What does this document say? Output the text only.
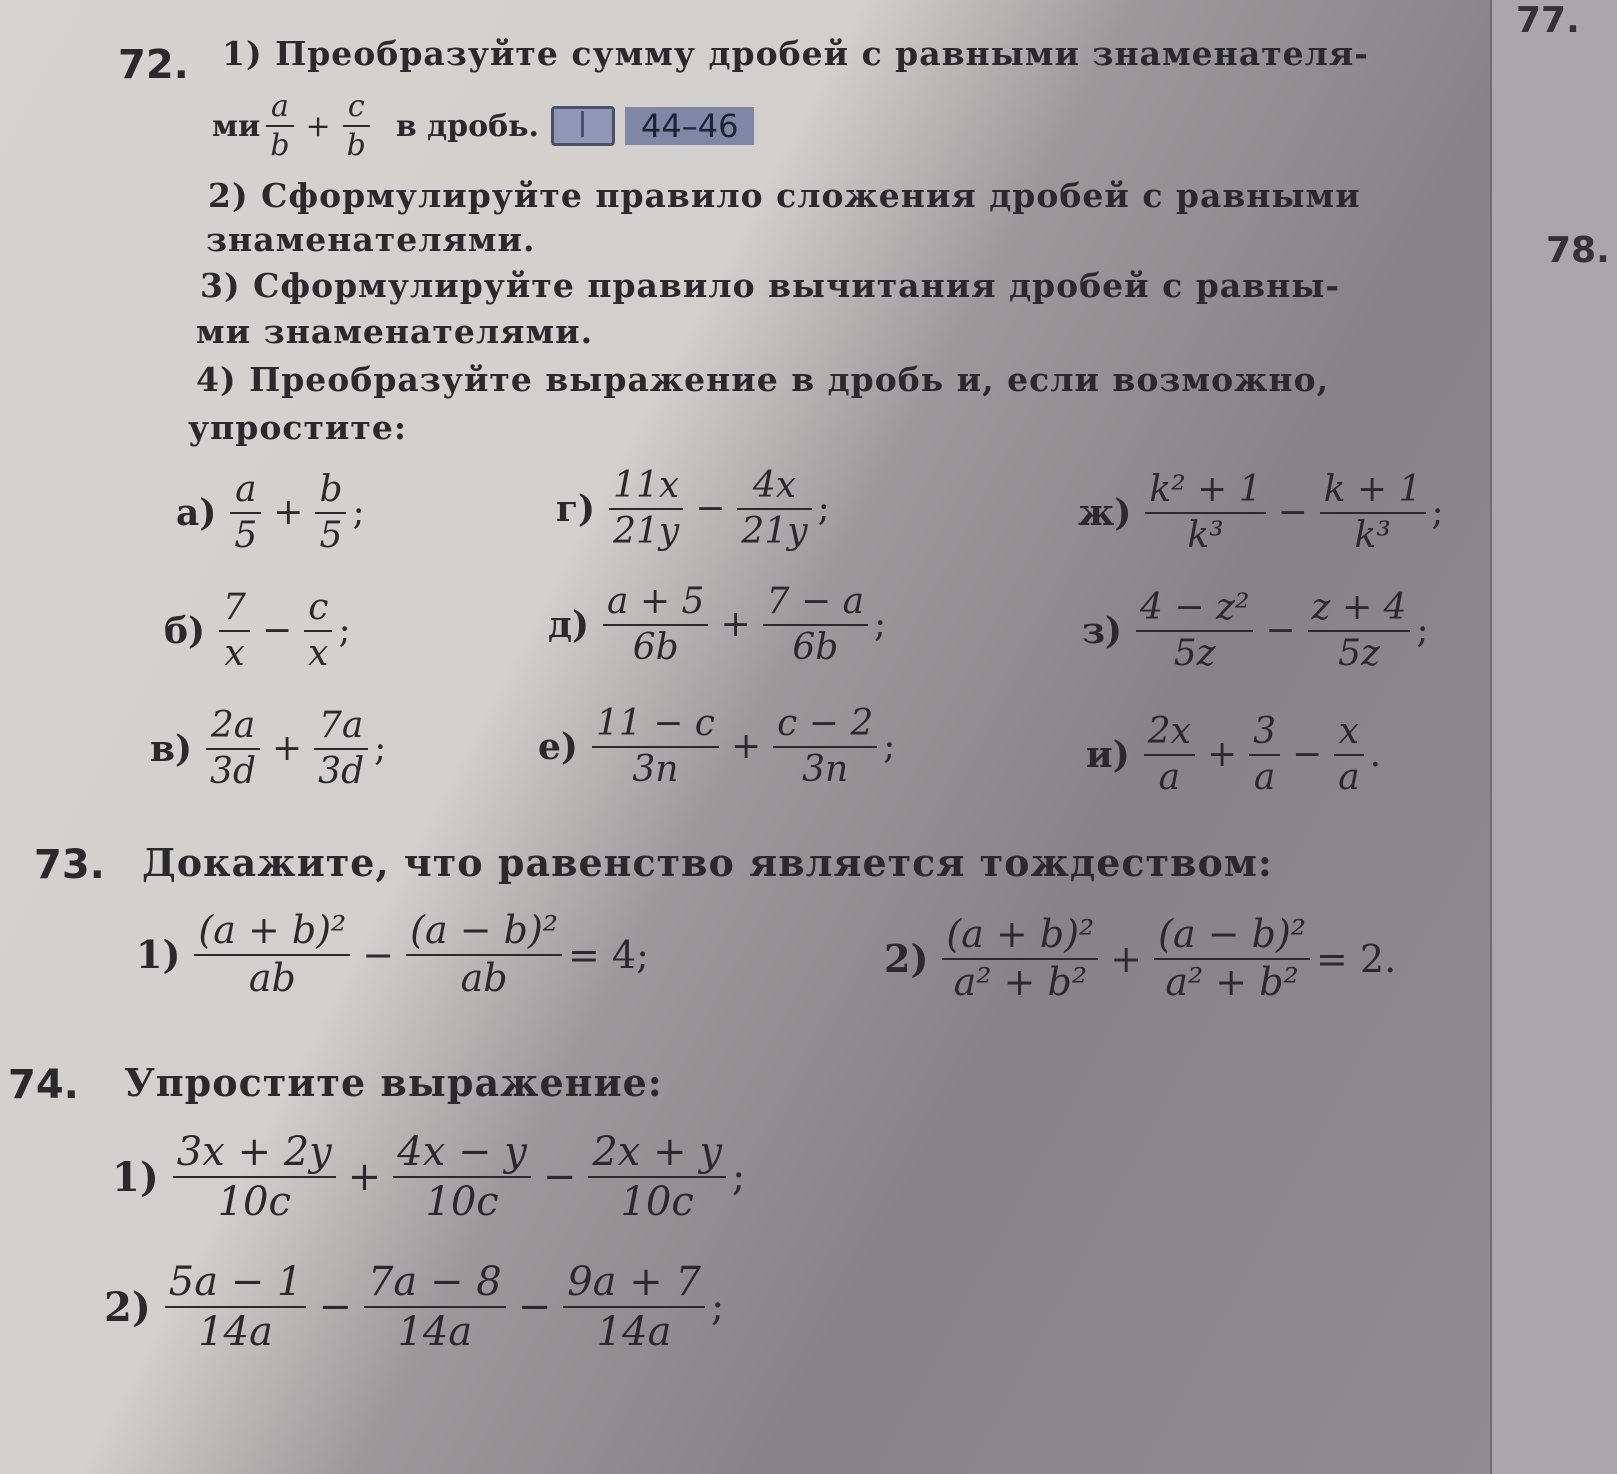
72. 1) Преобразуйте сумму дробей с равными знаменателя-
ми $\frac{a}{b} + \frac{c}{b}$ в дробь.	44–46
2) Сформулируйте правило сложения дробей с равными
знаменателями.
3) Сформулируйте правило вычитания дробей с равны-
ми знаменателями.
4) Преобразуйте выражение в дробь и, если возможно,
упростите:
$а) \frac{a}{5} + \frac{b}{5}$ ;	$г) \frac{11x}{21y} - \frac{4x}{21y}$ ;	$ж) \frac{\text{k² + 1}}{\text{k³}} - \frac{k + 1}{\text{k³}}$ ;
$б) \frac{7}{x} - \frac{c}{x}$ ;	$д) \frac{a + 5}{6b} + \frac{7 - a}{6b}$ ;	$з) \frac{\text{4 − z²}}{5z} - \frac{z + 4}{5z}$ ;
$в) \frac{2a}{3d} + \frac{7a}{3d}$ ;	$е) \frac{11 - c}{3n} + \frac{c - 2}{3n}$ ;	$и) \frac{2x}{a} + \frac{3}{a} - \frac{x}{a}$ .
73. Докажите, что равенство является тождеством:
$1) \frac{\text{(a + b)²}}{ab} - \frac{\text{(a − b)²}}{ab} = 4$;	$2) \frac{\text{(a + b)²}}{\text{a² + b²}} + \frac{\text{(a − b)²}}{\text{a² + b²}} = 2$.
74. Упростите выражение:
$1) \frac{3x + 2y}{10c} + \frac{4x - y}{10c} - \frac{2x + y}{10c}$ ;
$2) \frac{5a - 1}{14a} - \frac{7a - 8}{14a} - \frac{9a + 7}{14a}$ ;
77.
78.
